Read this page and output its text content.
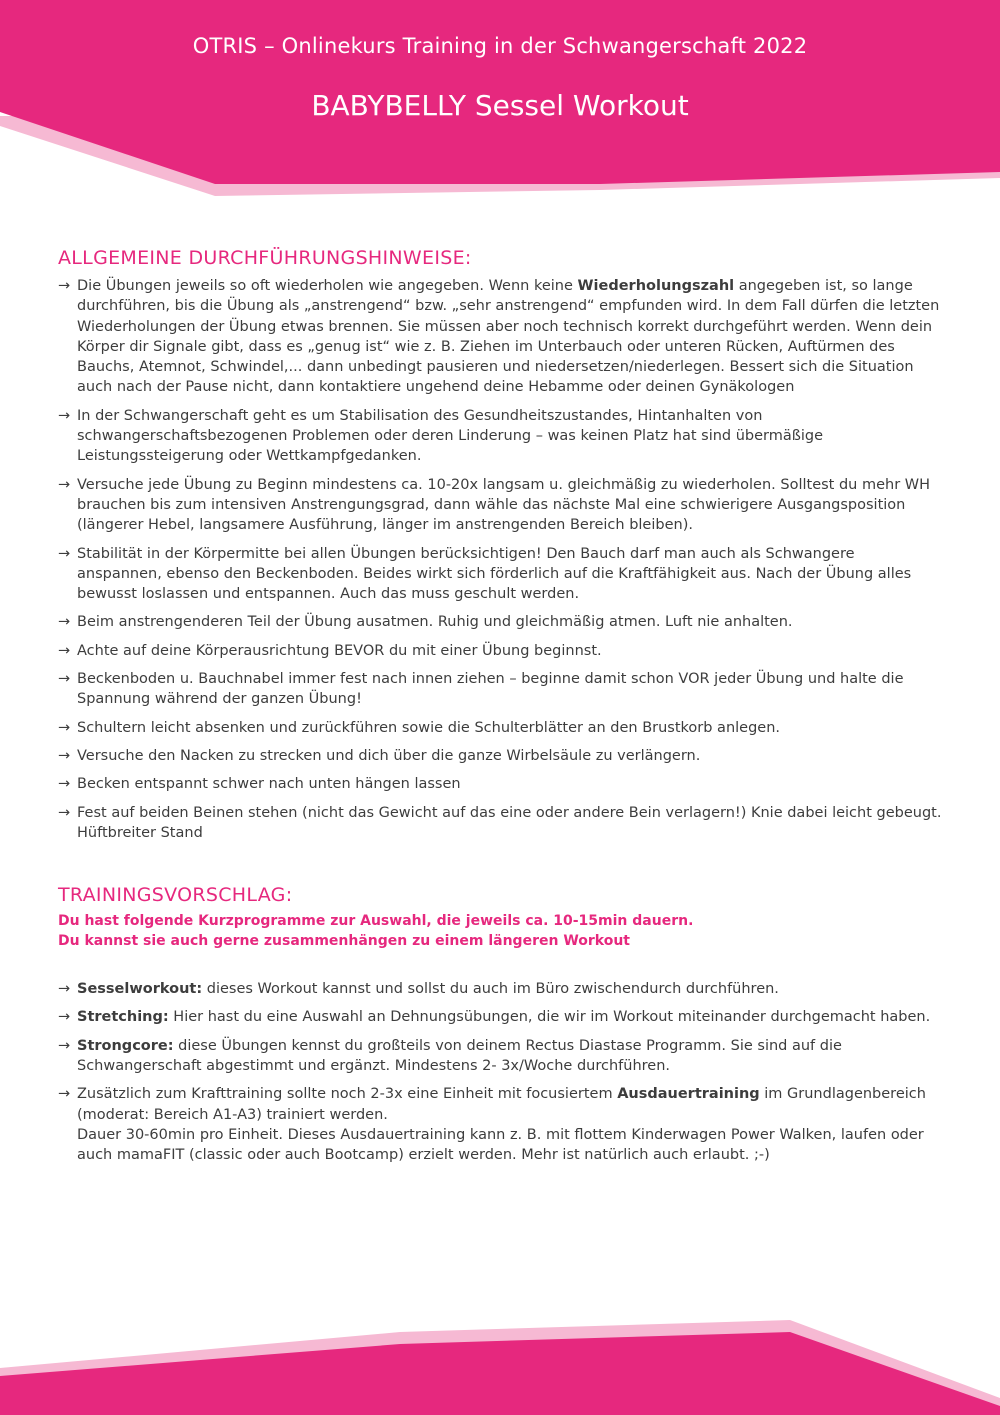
OTRIS – Onlinekurs Training in der Schwangerschaft 2022
BABYBELLY Sessel Workout
ALLGEMEINE DURCHFÜHRUNGSHINWEISE:
→ Die Übungen jeweils so oft wiederholen wie angegeben. Wenn keine Wiederholungszahl angegeben ist, so lange durchführen, bis die Übung als „anstrengend“ bzw. „sehr anstrengend“ empfunden wird. In dem Fall dürfen die letzten Wiederholungen der Übung etwas brennen. Sie müssen aber noch technisch korrekt durchgeführt werden. Wenn dein Körper dir Signale gibt, dass es „genug ist“ wie z. B. Ziehen im Unterbauch oder unteren Rücken, Auftürmen des Bauchs, Atemnot, Schwindel,... dann unbedingt pausieren und niedersetzen/niederlegen. Bessert sich die Situation auch nach der Pause nicht, dann kontaktiere ungehend deine Hebamme oder deinen Gynäkologen
→ In der Schwangerschaft geht es um Stabilisation des Gesundheitszustandes, Hintanhalten von schwangerschaftsbezogenen Problemen oder deren Linderung – was keinen Platz hat sind übermäßige Leistungssteigerung oder Wettkampfgedanken.
→ Versuche jede Übung zu Beginn mindestens ca. 10-20x langsam u. gleichmäßig zu wiederholen. Solltest du mehr WH brauchen bis zum intensiven Anstrengungsgrad, dann wähle das nächste Mal eine schwierigere Ausgangsposition (längerer Hebel, langsamere Ausführung, länger im anstrengenden Bereich bleiben).
→ Stabilität in der Körpermitte bei allen Übungen berücksichtigen! Den Bauch darf man auch als Schwangere anspannen, ebenso den Beckenboden. Beides wirkt sich förderlich auf die Kraftfähigkeit aus. Nach der Übung alles bewusst loslassen und entspannen. Auch das muss geschult werden.
→ Beim anstrengenderen Teil der Übung ausatmen. Ruhig und gleichmäßig atmen. Luft nie anhalten.
→ Achte auf deine Körperausrichtung BEVOR du mit einer Übung beginnst.
→ Beckenboden u. Bauchnabel immer fest nach innen ziehen – beginne damit schon VOR jeder Übung und halte die Spannung während der ganzen Übung!
→ Schultern leicht absenken und zurückführen sowie die Schulterblätter an den Brustkorb anlegen.
→ Versuche den Nacken zu strecken und dich über die ganze Wirbelsäule zu verlängern.
→ Becken entspannt schwer nach unten hängen lassen
→ Fest auf beiden Beinen stehen (nicht das Gewicht auf das eine oder andere Bein verlagern!) Knie dabei leicht gebeugt. Hüftbreiter Stand
TRAININGSVORSCHLAG:
Du hast folgende Kurzprogramme zur Auswahl, die jeweils ca. 10-15min dauern.
Du kannst sie auch gerne zusammenhängen zu einem längeren Workout
→ Sesselworkout: dieses Workout kannst und sollst du auch im Büro zwischendurch durchführen.
→ Stretching: Hier hast du eine Auswahl an Dehnungsübungen, die wir im Workout miteinander durchgemacht haben.
→ Strongcore: diese Übungen kennst du großteils von deinem Rectus Diastase Programm. Sie sind auf die Schwangerschaft abgestimmt und ergänzt. Mindestens 2- 3x/Woche durchführen.
→ Zusätzlich zum Krafttraining sollte noch 2-3x eine Einheit mit focusiertem Ausdauertraining im Grundlagenbereich (moderat: Bereich A1-A3) trainiert werden.
Dauer 30-60min pro Einheit. Dieses Ausdauertraining kann z. B. mit flottem Kinderwagen Power Walken, laufen oder auch mamaFIT (classic oder auch Bootcamp) erzielt werden. Mehr ist natürlich auch erlaubt. ;-)
